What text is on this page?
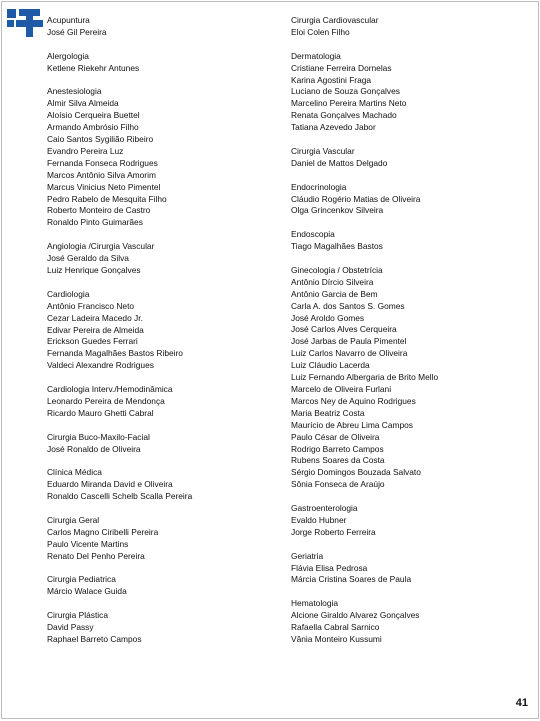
Acupuntura
José Gil Pereira
Alergologia
Ketlene Riekehr Antunes
Anestesiologia
Almir Silva Almeida
Aloísio Cerqueira Buettel
Armando Ambrósio Filho
Caio Santos Sygilião Ribeiro
Evandro Pereira Luz
Fernanda Fonseca Rodrigues
Marcos Antônio Silva Amorim
Marcus Vinicius Neto Pimentel
Pedro Rabelo de Mesquita Filho
Roberto Monteiro de Castro
Ronaldo Pinto Guimarães
Angiologia /Cirurgia Vascular
José Geraldo da Silva
Luiz Henrique Gonçalves
Cardiologia
Antônio Francisco Neto
Cezar Ladeira Macedo Jr.
Edivar Pereira de Almeida
Erickson Guedes Ferrari
Fernanda Magalhães Bastos Ribeiro
Valdeci Alexandre Rodrigues
Cardiologia Interv./Hemodinâmica
Leonardo Pereira de Mendonça
Ricardo Mauro Ghetti Cabral
Cirurgia Buco-Maxilo-Facial
José Ronaldo de Oliveira
Clínica Médica
Eduardo Miranda David e Oliveira
Ronaldo Cascelli Schelb Scalla Pereira
Cirurgia Geral
Carlos Magno Ciribelli Pereira
Paulo Vicente Martins
Renato Del Penho Pereira
Cirurgia Pediatrica
Márcio Walace Guida
Cirurgia Plástica
David Passy
Raphael Barreto Campos
Cirurgia Cardiovascular
Eloi Colen Filho
Dermatologia
Cristiane Ferreira Dornelas
Karina Agostini Fraga
Luciano de Souza Gonçalves
Marcelino Pereira Martins Neto
Renata Gonçalves Machado
Tatiana Azevedo Jabor
Cirurgia Vascular
Daniel de Mattos Delgado
Endocrinologia
Cláudio Rogério Matias de Oliveira
Olga Grincenkov Silveira
Endoscopia
Tiago Magalhães Bastos
Ginecologia / Obstetrícia
Antônio Dírcio Silveira
Antônio Garcia de Bem
Carla A. dos Santos S. Gomes
José Aroldo Gomes
José Carlos Alves Cerqueira
José Jarbas de Paula Pimentel
Luiz Carlos Navarro de Oliveira
Luiz Cláudio Lacerda
Luiz Fernando Albergaria de Brito Mello
Marcelo de Oliveira Furlani
Marcos Ney de Aquino Rodrigues
Maria Beatriz Costa
Maurício de Abreu Lima Campos
Paulo César de Oliveira
Rodrigo Barreto Campos
Rubens Soares da Costa
Sérgio Domingos Bouzada Salvato
Sônia Fonseca de Araújo
Gastroenterologia
Evaldo Hubner
Jorge Roberto Ferreira
Geriatria
Flávia Elisa Pedrosa
Márcia Cristina Soares de Paula
Hematologia
Alcione Giraldo Alvarez Gonçalves
Rafaella Cabral Sarnico
Vânia Monteiro Kussumi
41
